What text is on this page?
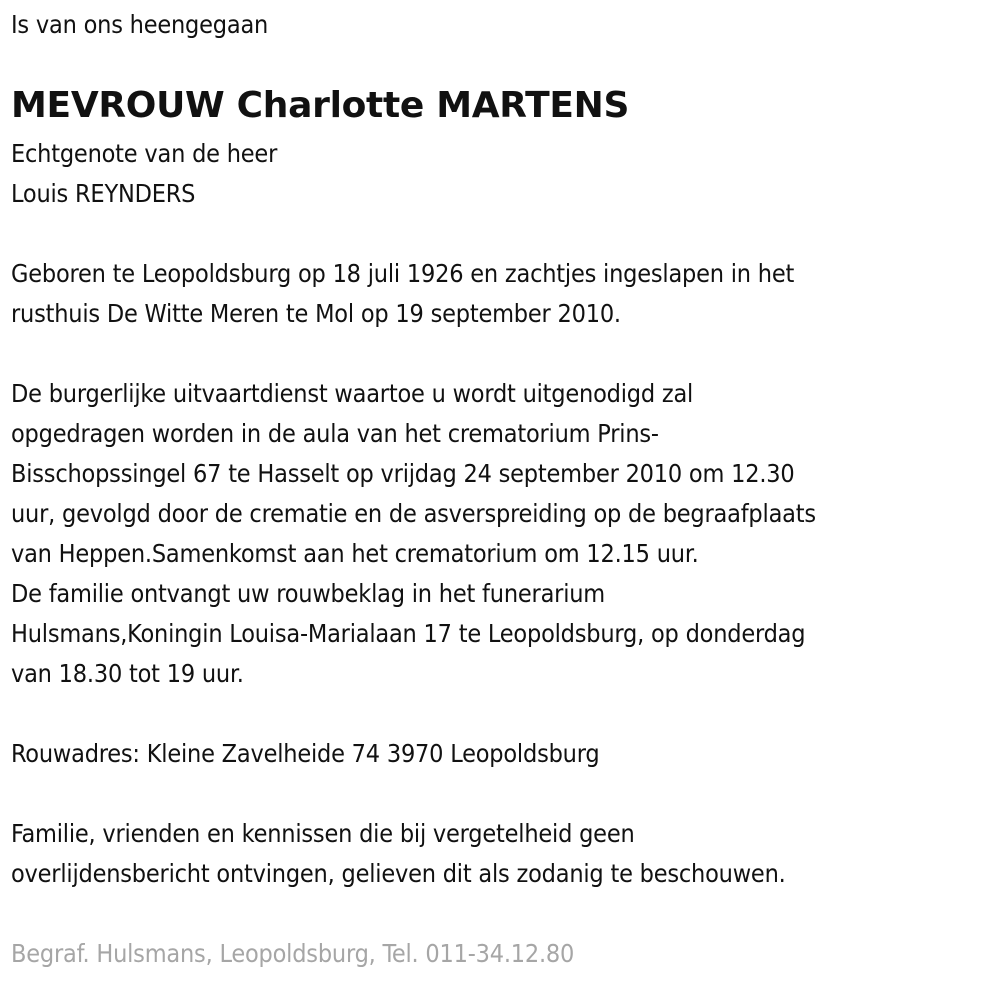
Is van ons heengegaan
MEVROUW Charlotte MARTENS
Echtgenote van de heer
Louis REYNDERS
Geboren te Leopoldsburg op 18 juli 1926 en zachtjes ingeslapen in het
rusthuis De Witte Meren te Mol op 19 september 2010.
De burgerlijke uitvaartdienst waartoe u wordt uitgenodigd zal
opgedragen worden in de aula van het crematorium Prins-
Bisschopssingel 67 te Hasselt op vrijdag 24 september 2010 om 12.30
uur, gevolgd door de crematie en de asverspreiding op de begraafplaats
van Heppen.Samenkomst aan het crematorium om 12.15 uur.
De familie ontvangt uw rouwbeklag in het funerarium
Hulsmans,Koningin Louisa-Marialaan 17 te Leopoldsburg, op donderdag
van 18.30 tot 19 uur.
Rouwadres: Kleine Zavelheide 74 3970 Leopoldsburg
Familie, vrienden en kennissen die bij vergetelheid geen
overlijdensbericht ontvingen, gelieven dit als zodanig te beschouwen.
Begraf. Hulsmans, Leopoldsburg, Tel. 011-34.12.80
